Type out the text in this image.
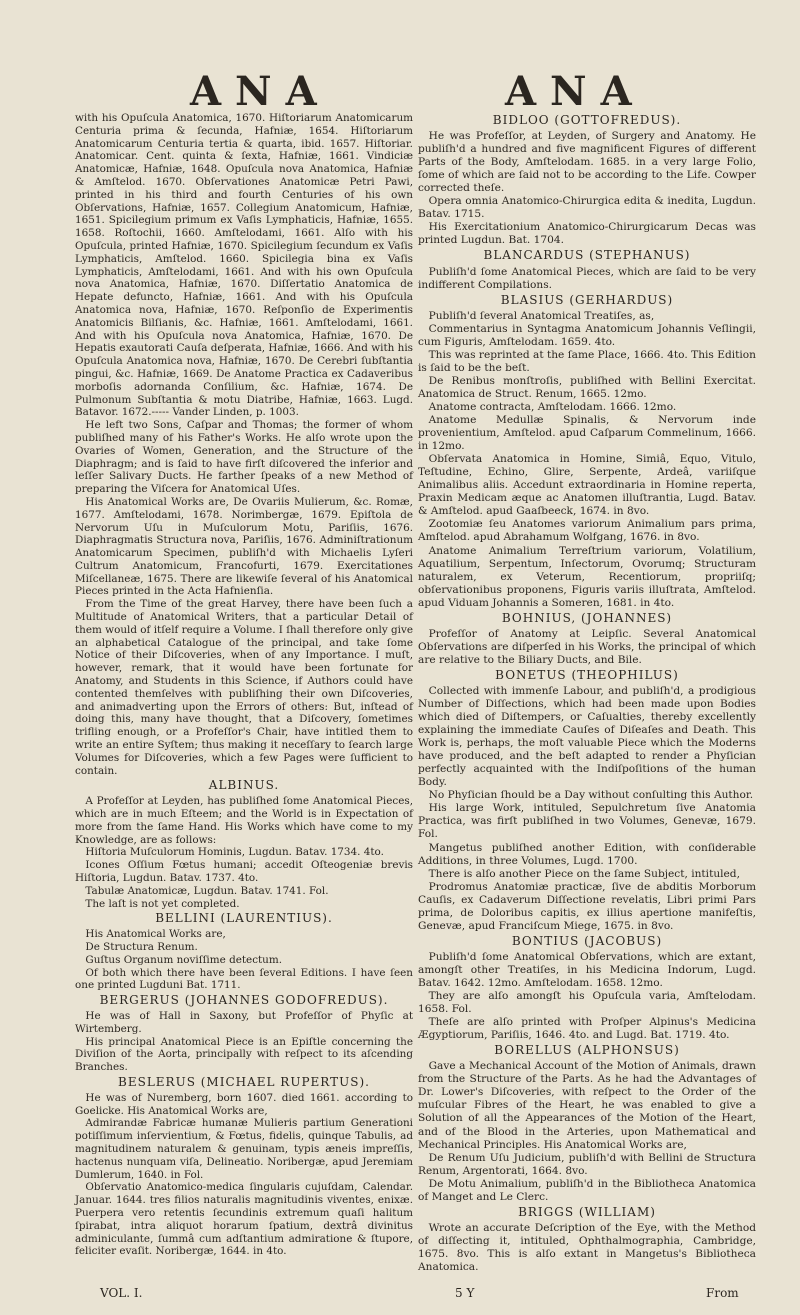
ANA	ANA

with his Opuſcula Anatomica, 1670. Hiſtoriarum Anatomicarum Centuria prima & ſecunda, Hafniæ, 1654. Hiſtoriarum Anatomicarum Centuria tertia & quarta, ibid. 1657. Hiſtoriar. Anatomicar. Cent. quinta & ſexta, Hafniæ, 1661. Vindiciæ Anatomicæ, Hafniæ, 1648. Opuſcula nova Anatomica, Hafniæ & Amſtelod. 1670. Obſervationes Anatomicæ Petri Pawi, printed in his third and fourth Centuries of his own Obſervations, Hafniæ, 1657. Collegium Anatomicum, Hafniæ, 1651. Spicilegium primum ex Vaſis Lymphaticis, Hafniæ, 1655. 1658. Roſtochii, 1660. Amſtelodami, 1661. Alſo with his Opuſcula, printed Hafniæ, 1670. Spicilegium ſecundum ex Vaſis Lymphaticis, Amſtelod. 1660. Spicilegia bina ex Vaſis Lymphaticis, Amſtelodami, 1661. And with his own Opuſcula nova Anatomica, Hafniæ, 1670. Diſſertatio Anatomica de Hepate defuncto, Hafniæ, 1661. And with his Opuſcula Anatomica nova, Hafniæ, 1670. Reſponſio de Experimentis Anatomicis Bilſianis, &c. Hafniæ, 1661. Amſtelodami, 1661. And with his Opuſcula nova Anatomica, Hafniæ, 1670. De Hepatis exautorati Cauſa deſperata, Hafniæ, 1666. And with his Opuſcula Anatomica nova, Hafniæ, 1670. De Cerebri ſubſtantia pingui, &c. Hafniæ, 1669. De Anatome Practica ex Cadaveribus morboſis adornanda Conſilium, &c. Hafniæ, 1674. De Pulmonum Subſtantia & motu Diatribe, Hafniæ, 1663. Lugd. Batavor. 1672.----- Vander Linden, p. 1003.

He left two Sons, Caſpar and Thomas; the former of whom publiſhed many of his Father's Works. He alſo wrote upon the Ovaries of Women, Generation, and the Structure of the Diaphragm; and is ſaid to have firſt diſcovered the inferior and leſſer Salivary Ducts. He farther ſpeaks of a new Method of preparing the Viſcera for Anatomical Uſes.

His Anatomical Works are, De Ovariis Mulierum, &c. Romæ, 1677. Amſtelodami, 1678. Norimbergæ, 1679. Epiſtola de Nervorum Uſu in Muſculorum Motu, Pariſiis, 1676. Diaphragmatis Structura nova, Pariſiis, 1676. Adminiſtrationum Anatomicarum Specimen, publiſh'd with Michaelis Lyſeri Cultrum Anatomicum, Francofurti, 1679. Exercitationes Miſcellaneæ, 1675. There are likewiſe ſeveral of his Anatomical Pieces printed in the Acta Hafnienſia.

From the Time of the great Harvey, there have been ſuch a Multitude of Anatomical Writers, that a particular Detail of them would of itſelf require a Volume. I ſhall therefore only give an alphabetical Catalogue of the principal, and take ſome Notice of their Diſcoveries, when of any Importance. I muſt, however, remark, that it would have been fortunate for Anatomy, and Students in this Science, if Authors could have contented themſelves with publiſhing their own Diſcoveries, and animadverting upon the Errors of others: But, inſtead of doing this, many have thought, that a Diſcovery, ſometimes trifling enough, or a Profeſſor's Chair, have intitled them to write an entire Syſtem; thus making it neceſſary to ſearch large Volumes for Diſcoveries, which a few Pages were ſufficient to contain.

ALBINUS.

A Profeſſor at Leyden, has publiſhed ſome Anatomical Pieces, which are in much Eſteem; and the World is in Expectation of more from the ſame Hand. His Works which have come to my Knowledge, are as follows:

Hiſtoria Muſculorum Hominis, Lugdun. Batav. 1734. 4to.

Icones Oſſium Fœtus humani; accedit Oſteogeniæ brevis Hiſtoria, Lugdun. Batav. 1737. 4to.

Tabulæ Anatomicæ, Lugdun. Batav. 1741. Fol.

The laſt is not yet completed.

BELLINI (LAURENTIUS).

His Anatomical Works are,

De Structura Renum.

Guſtus Organum noviſſime detectum.

Of both which there have been ſeveral Editions. I have ſeen one printed Lugduni Bat. 1711.

BERGERUS (JOHANNES GODOFREDUS).

He was of Hall in Saxony, but Profeſſor of Phyſic at Wirtemberg.

His principal Anatomical Piece is an Epiſtle concerning the Diviſion of the Aorta, principally with reſpect to its aſcending Branches.

BESLERUS (MICHAEL RUPERTUS).

He was of Nuremberg, born 1607. died 1661. according to Goelicke. His Anatomical Works are,

Admirandæ Fabricæ humanæ Mulieris partium Generationi potiſſimum inſervientium, & Fœtus, fidelis, quinque Tabulis, ad magnitudinem naturalem & genuinam, typis æneis impreſſis, hactenus nunquam viſa, Delineatio. Noribergæ, apud Jeremiam Dumlerum, 1640. in Fol.

Obſervatio Anatomico-medica ſingularis cujuſdam, Calendar. Januar. 1644. tres filios naturalis magnitudinis viventes, enixæ. Puerpera vero retentis ſecundinis extremum quaſi halitum ſpirabat, intra aliquot horarum ſpatium, dextrâ divinitus adminiculante, ſummâ cum adſtantium admiratione & ſtupore, feliciter evaſit. Noribergæ, 1644. in 4to.

BIDLOO (GOTTOFREDUS).

He was Profeſſor, at Leyden, of Surgery and Anatomy. He publiſh'd a hundred and five magnificent Figures of different Parts of the Body, Amſtelodam. 1685. in a very large Folio, ſome of which are ſaid not to be according to the Life. Cowper corrected theſe.

Opera omnia Anatomico-Chirurgica edita & inedita, Lugdun. Batav. 1715.

His Exercitationium Anatomico-Chirurgicarum Decas was printed Lugdun. Bat. 1704.

BLANCARDUS (STEPHANUS)

Publiſh'd ſome Anatomical Pieces, which are ſaid to be very indifferent Compilations.

BLASIUS (GERHARDUS)

Publiſh'd ſeveral Anatomical Treatiſes, as,

Commentarius in Syntagma Anatomicum Johannis Veſlingii, cum Figuris, Amſtelodam. 1659. 4to.

This was reprinted at the ſame Place, 1666. 4to. This Edition is ſaid to be the beſt.

De Renibus monſtroſis, publiſhed with Bellini Exercitat. Anatomica de Struct. Renum, 1665. 12mo.

Anatome contracta, Amſtelodam. 1666. 12mo.

Anatome Medullæ Spinalis, & Nervorum inde provenientium, Amſtelod. apud Caſparum Commelinum, 1666. in 12mo.

Obſervata Anatomica in Homine, Simiâ, Equo, Vitulo, Teſtudine, Echino, Glire, Serpente, Ardeâ, variiſque Animalibus aliis. Accedunt extraordinaria in Homine reperta, Praxin Medicam æque ac Anatomen illuſtrantia, Lugd. Batav. & Amſtelod. apud Gaaſbeeck, 1674. in 8vo.

Zootomiæ ſeu Anatomes variorum Animalium pars prima, Amſtelod. apud Abrahamum Wolfgang, 1676. in 8vo.

Anatome Animalium Terreſtrium variorum, Volatilium, Aquatilium, Serpentum, Inſectorum, Ovorumq; Structuram naturalem, ex Veterum, Recentiorum, propriiſq; obſervationibus proponens, Figuris variis illuſtrata, Amſtelod. apud Viduam Johannis a Someren, 1681. in 4to.

BOHNIUS, (JOHANNES)

Profeſſor of Anatomy at Leipſic. Several Anatomical Obſervations are diſperſed in his Works, the principal of which are relative to the Biliary Ducts, and Bile.

BONETUS (THEOPHILUS)

Collected with immenſe Labour, and publiſh'd, a prodigious Number of Diſſections, which had been made upon Bodies which died of Diſtempers, or Caſualties, thereby excellently explaining the immediate Cauſes of Diſeaſes and Death. This Work is, perhaps, the moſt valuable Piece which the Moderns have produced, and the beſt adapted to render a Phyſician perfectly acquainted with the Indiſpoſitions of the human Body.

No Phyſician ſhould be a Day without conſulting this Author.

His large Work, intituled, Sepulchretum ſive Anatomia Practica, was firſt publiſhed in two Volumes, Genevæ, 1679. Fol.

Mangetus publiſhed another Edition, with conſiderable Additions, in three Volumes, Lugd. 1700.

There is alſo another Piece on the ſame Subject, intituled,

Prodromus Anatomiæ practicæ, ſive de abditis Morborum Cauſis, ex Cadaverum Diſſectione revelatis, Libri primi Pars prima, de Doloribus capitis, ex illius apertione manifeſtis, Genevæ, apud Franciſcum Miege, 1675. in 8vo.

BONTIUS (JACOBUS)

Publiſh'd ſome Anatomical Obſervations, which are extant, amongſt other Treatiſes, in his Medicina Indorum, Lugd. Batav. 1642. 12mo. Amſtelodam. 1658. 12mo.

They are alſo amongſt his Opuſcula varia, Amſtelodam. 1658. Fol.

Theſe are alſo printed with Proſper Alpinus's Medicina Ægyptiorum, Pariſiis, 1646. 4to. and Lugd. Bat. 1719. 4to.

BORELLUS (ALPHONSUS)

Gave a Mechanical Account of the Motion of Animals, drawn from the Structure of the Parts. As he had the Advantages of Dr. Lower's Diſcoveries, with reſpect to the Order of the muſcular Fibres of the Heart, he was enabled to give a Solution of all the Appearances of the Motion of the Heart, and of the Blood in the Arteries, upon Mathematical and Mechanical Principles. His Anatomical Works are,

De Renum Uſu Judicium, publiſh'd with Bellini de Structura Renum, Argentorati, 1664. 8vo.

De Motu Animalium, publiſh'd in the Bibliotheca Anatomica of Manget and Le Clerc.

BRIGGS (WILLIAM)

Wrote an accurate Deſcription of the Eye, with the Method of diſſecting it, intituled, Ophthalmographia, Cambridge, 1675. 8vo. This is alſo extant in Mangetus's Bibliotheca Anatomica.

VOL. I.	5 Y	From
